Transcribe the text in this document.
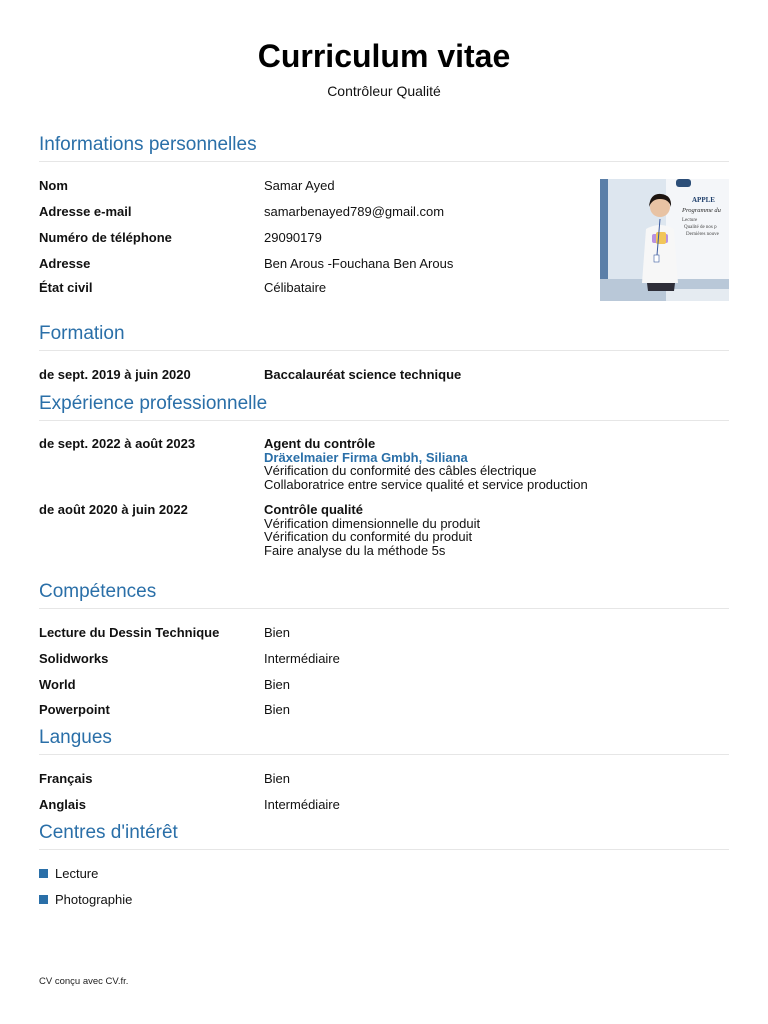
Curriculum vitae
Contrôleur Qualité
Informations personnelles
Nom	Samar Ayed
Adresse e-mail	samarbenayed789@gmail.com
Numéro de téléphone	29090179
Adresse	Ben Arous -Fouchana Ben Arous
État civil	Célibataire
APPLE
Programme du
Lecture
Qualité de nos p
Dernières nouve
Formation
de sept. 2019 à juin 2020	Baccalauréat science technique
Expérience professionnelle
de sept. 2022 à août 2023	Agent du contrôle
Dräxelmaier Firma Gmbh, Siliana
Vérification du conformité des câbles électrique
Collaboratrice entre service qualité et service production
de août 2020 à juin 2022	Contrôle qualité
Vérification dimensionnelle du produit
Vérification du conformité du produit
Faire analyse du la méthode 5s
Compétences
Lecture du Dessin Technique	Bien
Solidworks	Intermédiaire
World	Bien
Powerpoint	Bien
Langues
Français	Bien
Anglais	Intermédiaire
Centres d'intérêt
Lecture
Photographie
CV conçu avec CV.fr.
